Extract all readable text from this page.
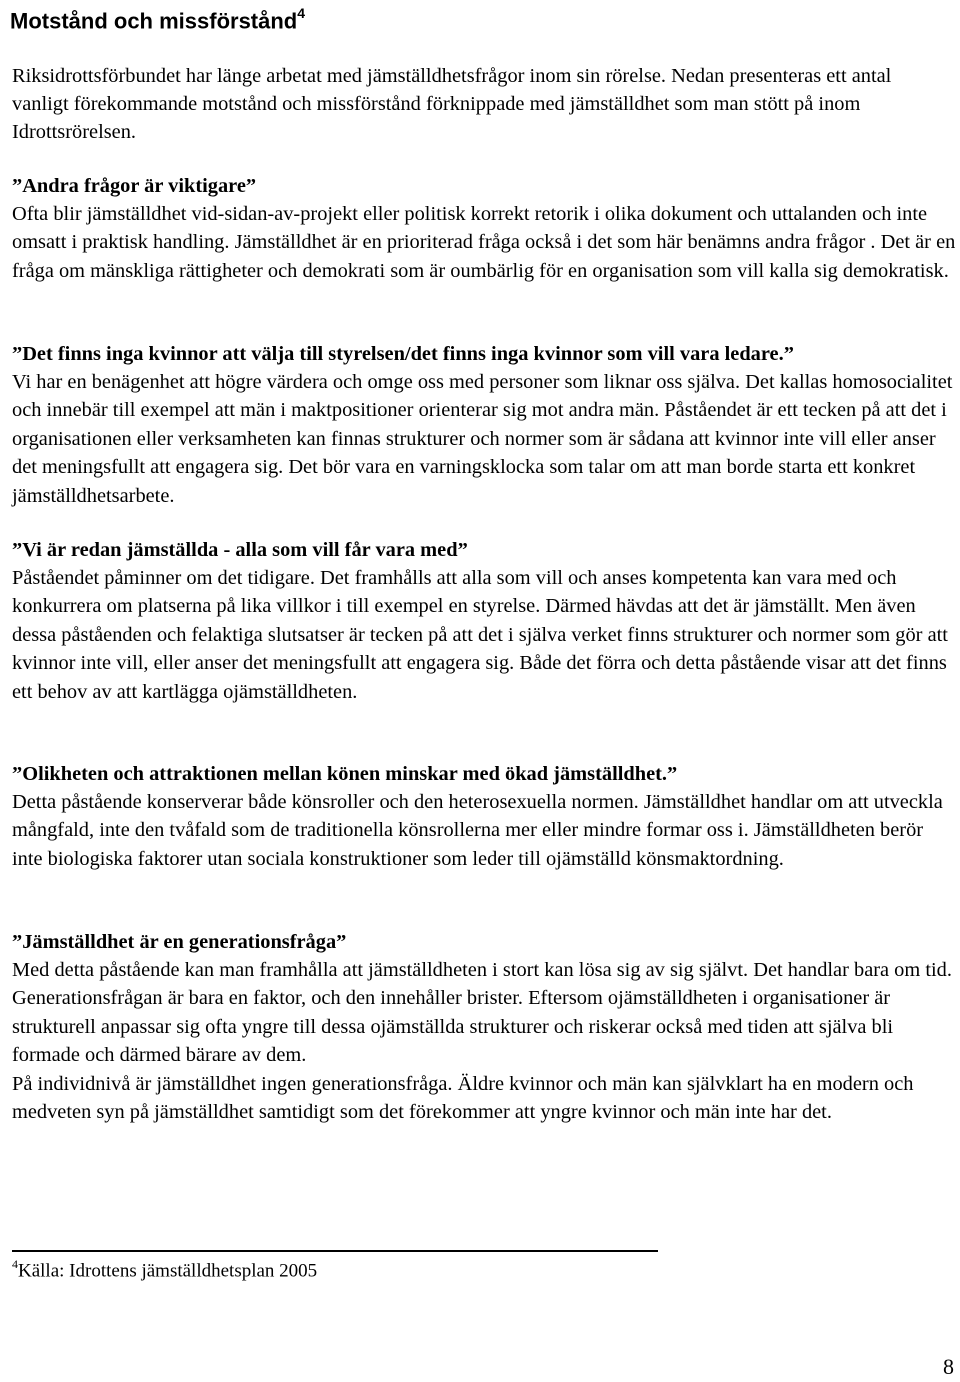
Motstånd och missförstånd$^4$

Riksidrottsförbundet har länge arbetat med jämställdhetsfrågor inom sin rörelse. Nedan presenteras ett antal vanligt förekommande motstånd och missförstånd förknippade med jämställdhet som man stött på inom Idrottsrörelsen.

”Andra frågor är viktigare”

Ofta blir jämställdhet vid-sidan-av-projekt eller politisk korrekt retorik i olika dokument och uttalanden och inte omsatt i praktisk handling. Jämställdhet är en prioriterad fråga också i det som här benämns andra frågor . Det är en fråga om mänskliga rättigheter och demokrati som är oumbärlig för en organisation som vill kalla sig demokratisk.

”Det finns inga kvinnor att välja till styrelsen/det finns inga kvinnor som vill vara ledare.”

Vi har en benägenhet att högre värdera och omge oss med personer som liknar oss själva. Det kallas homosocialitet och innebär till exempel att män i maktpositioner orienterar sig mot andra män. Påståendet är ett tecken på att det i organisationen eller verksamheten kan finnas strukturer och normer som är sådana att kvinnor inte vill eller anser det meningsfullt att engagera sig. Det bör vara en varningsklocka som talar om att man borde starta ett konkret jämställdhetsarbete.

”Vi är redan jämställda - alla som vill får vara med”

Påståendet påminner om det tidigare. Det framhålls att alla som vill och anses kompetenta kan vara med och konkurrera om platserna på lika villkor i till exempel en styrelse. Därmed hävdas att det är jämställt. Men även dessa påståenden och felaktiga slutsatser är tecken på att det i själva verket finns strukturer och normer som gör att kvinnor inte vill, eller anser det meningsfullt att engagera sig. Både det förra och detta påstående visar att det finns ett behov av att kartlägga ojämställdheten.

”Olikheten och attraktionen mellan könen minskar med ökad jämställdhet.”

Detta påstående konserverar både könsroller och den heterosexuella normen. Jämställdhet handlar om att utveckla mångfald, inte den tvåfald som de traditionella könsrollerna mer eller mindre formar oss i. Jämställdheten berör inte biologiska faktorer utan sociala konstruktioner som leder till ojämställd könsmaktordning.

”Jämställdhet är en generationsfråga”

Med detta påstående kan man framhålla att jämställdheten i stort kan lösa sig av sig självt. Det handlar bara om tid. Generationsfrågan är bara en faktor, och den innehåller brister. Eftersom ojämställdheten i organisationer är strukturell anpassar sig ofta yngre till dessa ojämställda strukturer och riskerar också med tiden att själva bli formade och därmed bärare av dem.

På individnivå är jämställdhet ingen generationsfråga. Äldre kvinnor och män kan självklart ha en modern och medveten syn på jämställdhet samtidigt som det förekommer att yngre kvinnor och män inte har det.

$^4$Källa: Idrottens jämställdhetsplan 2005
8
